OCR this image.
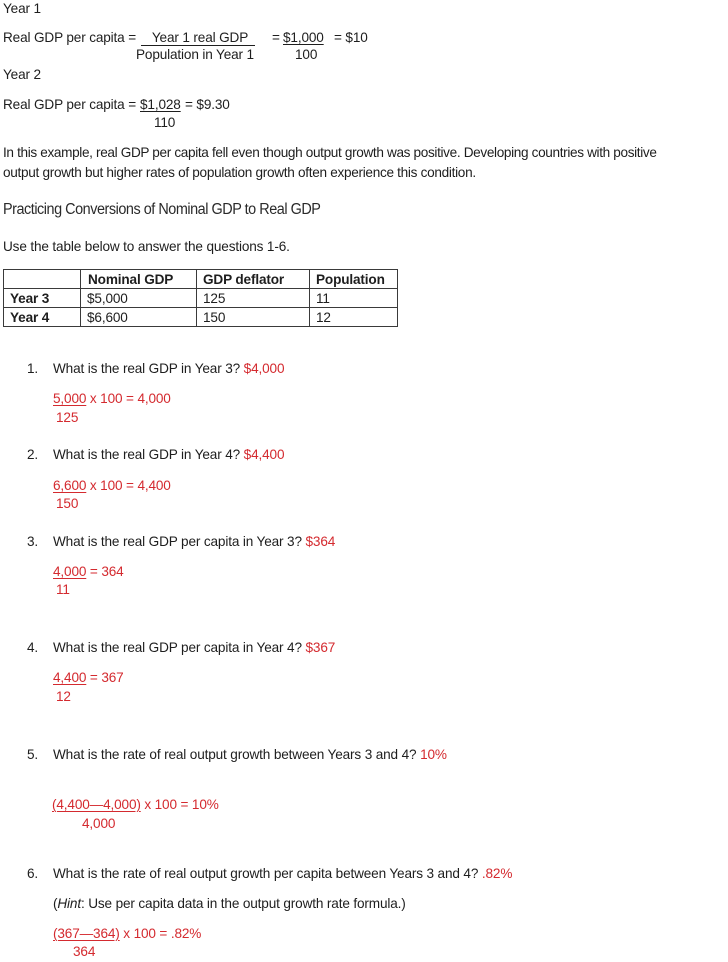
Year 1
Real GDP per capita =	Year 1 real GDP
Population in Year 1
= $1,000
100
= $10
Year 2
Real GDP per capita = $1,028 = $9.30
110
In this example, real GDP per capita fell even though output growth was positive. Developing countries with positive
output growth but higher rates of population growth often experience this condition.
Practicing Conversions of Nominal GDP to Real GDP
Use the table below to answer the questions 1-6.
	Nominal GDP	GDP deflator	Population
Year 3	$5,000	125	11
Year 4	$6,600	150	12
1. What is the real GDP in Year 3? $4,000
5,000 x 100 = 4,000
125
2. What is the real GDP in Year 4? $4,400
6,600 x 100 = 4,400
150
3. What is the real GDP per capita in Year 3? $364
4,000 = 364
11
4. What is the real GDP per capita in Year 4? $367
4,400 = 367
12
5. What is the rate of real output growth between Years 3 and 4? 10%
(4,400—4,000) x 100 = 10%
4,000
6. What is the rate of real output growth per capita between Years 3 and 4? .82%
(Hint: Use per capita data in the output growth rate formula.)
(367—364) x 100 = .82%
364
